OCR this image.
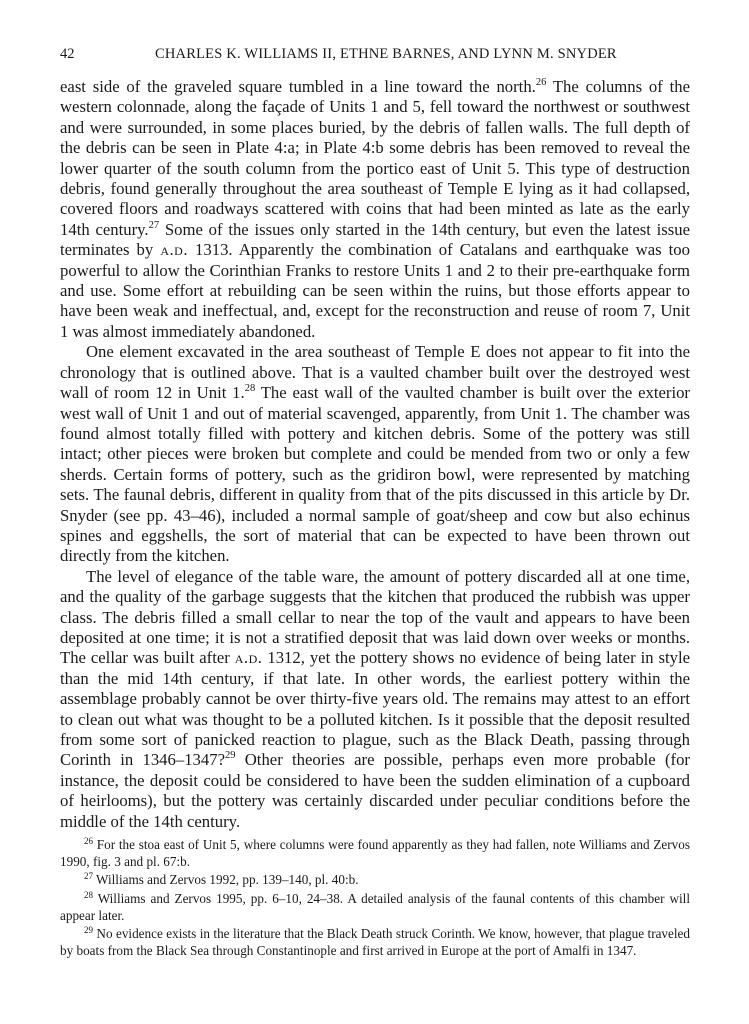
42	CHARLES K. WILLIAMS II, ETHNE BARNES, AND LYNN M. SNYDER

east side of the graveled square tumbled in a line toward the north.$^{26}$ The columns of the western colonnade, along the façade of Units 1 and 5, fell toward the northwest or southwest and were surrounded, in some places buried, by the debris of fallen walls. The full depth of the debris can be seen in Plate 4:a; in Plate 4:b some debris has been removed to reveal the lower quarter of the south column from the portico east of Unit 5. This type of destruction debris, found generally throughout the area southeast of Temple E lying as it had collapsed, covered floors and roadways scattered with coins that had been minted as late as the early 14th century.$^{27}$ Some of the issues only started in the 14th century, but even the latest issue terminates by a.d. 1313. Apparently the combination of Catalans and earthquake was too powerful to allow the Corinthian Franks to restore Units 1 and 2 to their pre-earthquake form and use. Some effort at rebuilding can be seen within the ruins, but those efforts appear to have been weak and ineffectual, and, except for the reconstruction and reuse of room 7, Unit 1 was almost immediately abandoned.

One element excavated in the area southeast of Temple E does not appear to fit into the chronology that is outlined above. That is a vaulted chamber built over the destroyed west wall of room 12 in Unit 1.28 The east wall of the vaulted chamber is built over the exterior west wall of Unit 1 and out of material scavenged, apparently, from Unit 1. The chamber was found almost totally filled with pottery and kitchen debris. Some of the pottery was still intact; other pieces were broken but complete and could be mended from two or only a few sherds. Certain forms of pottery, such as the gridiron bowl, were represented by matching sets. The faunal debris, different in quality from that of the pits discussed in this article by Dr. Snyder (see pp. 43–46), included a normal sample of goat/sheep and cow but also echinus spines and eggshells, the sort of material that can be expected to have been thrown out directly from the kitchen.

The level of elegance of the table ware, the amount of pottery discarded all at one time, and the quality of the garbage suggests that the kitchen that produced the rubbish was upper class. The debris filled a small cellar to near the top of the vault and appears to have been deposited at one time; it is not a stratified deposit that was laid down over weeks or months. The cellar was built after a.d. 1312, yet the pottery shows no evidence of being later in style than the mid 14th century, if that late. In other words, the earliest pottery within the assemblage probably cannot be over thirty-five years old. The remains may attest to an effort to clean out what was thought to be a polluted kitchen. Is it possible that the deposit resulted from some sort of panicked reaction to plague, such as the Black Death, passing through Corinth in 1346–1347?$^{29}$ Other theories are possible, perhaps even more probable (for instance, the deposit could be considered to have been the sudden elimination of a cupboard of heirlooms), but the pottery was certainly discarded under peculiar conditions before the middle of the 14th century.

$^{26}$ For the stoa east of Unit 5, where columns were found apparently as they had fallen, note Williams and Zervos 1990, fig. 3 and pl. 67:b.

$^{27}$ Williams and Zervos 1992, pp. 139–140, pl. 40:b.

$^{28}$ Williams and Zervos 1995, pp. 6–10, 24–38. A detailed analysis of the faunal contents of this chamber will appear later.

$^{29}$ No evidence exists in the literature that the Black Death struck Corinth. We know, however, that plague traveled by boats from the Black Sea through Constantinople and first arrived in Europe at the port of Amalfi in 1347.
